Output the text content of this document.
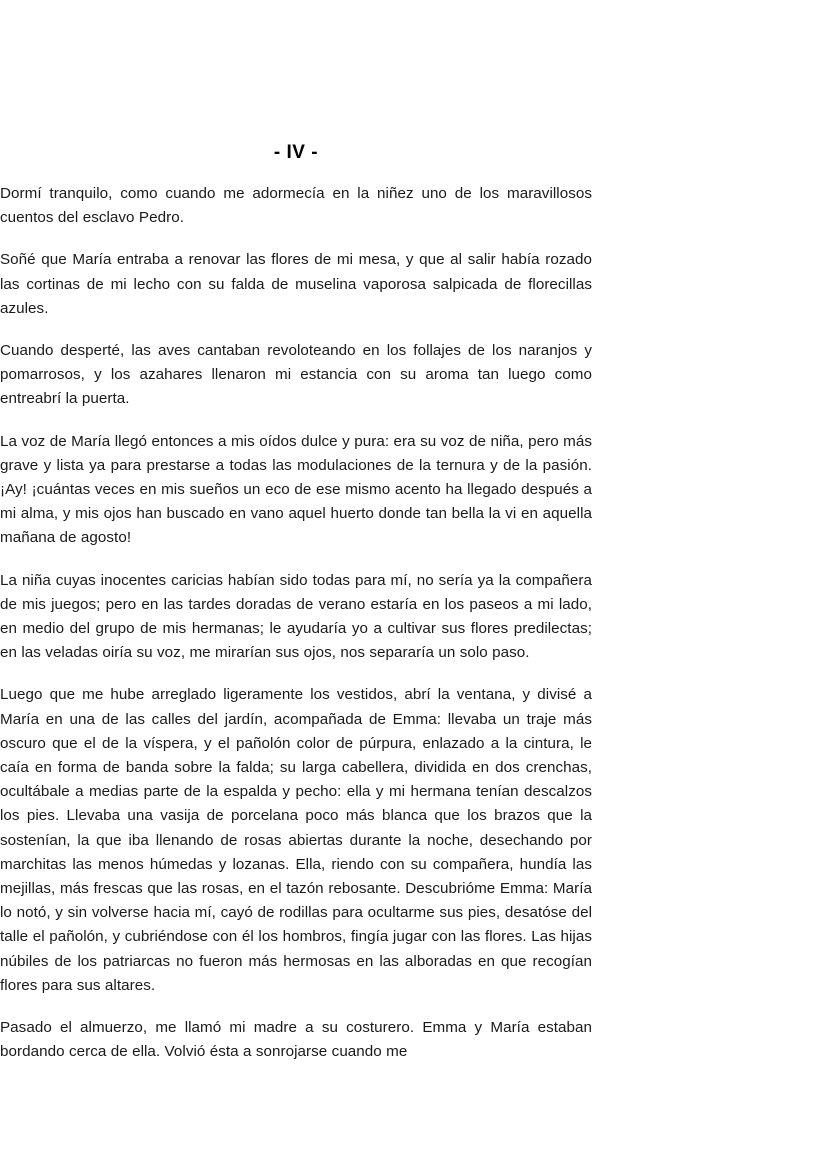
- IV -

Dormí tranquilo, como cuando me adormecía en la niñez uno de los maravillosos cuentos del esclavo Pedro.

Soñé que María entraba a renovar las flores de mi mesa, y que al salir había rozado las cortinas de mi lecho con su falda de muselina vaporosa salpicada de florecillas azules.

Cuando desperté, las aves cantaban revoloteando en los follajes de los naranjos y pomarrosos, y los azahares llenaron mi estancia con su aroma tan luego como entreabrí la puerta.

La voz de María llegó entonces a mis oídos dulce y pura: era su voz de niña, pero más grave y lista ya para prestarse a todas las modulaciones de la ternura y de la pasión. ¡Ay! ¡cuántas veces en mis sueños un eco de ese mismo acento ha llegado después a mi alma, y mis ojos han buscado en vano aquel huerto donde tan bella la vi en aquella mañana de agosto!

La niña cuyas inocentes caricias habían sido todas para mí, no sería ya la compañera de mis juegos; pero en las tardes doradas de verano estaría en los paseos a mi lado, en medio del grupo de mis hermanas; le ayudaría yo a cultivar sus flores predilectas; en las veladas oiría su voz, me mirarían sus ojos, nos separaría un solo paso.

Luego que me hube arreglado ligeramente los vestidos, abrí la ventana, y divisé a María en una de las calles del jardín, acompañada de Emma: llevaba un traje más oscuro que el de la víspera, y el pañolón color de púrpura, enlazado a la cintura, le caía en forma de banda sobre la falda; su larga cabellera, dividida en dos crenchas, ocultábale a medias parte de la espalda y pecho: ella y mi hermana tenían descalzos los pies. Llevaba una vasija de porcelana poco más blanca que los brazos que la sostenían, la que iba llenando de rosas abiertas durante la noche, desechando por marchitas las menos húmedas y lozanas. Ella, riendo con su compañera, hundía las mejillas, más frescas que las rosas, en el tazón rebosante. Descubrióme Emma: María lo notó, y sin volverse hacia mí, cayó de rodillas para ocultarme sus pies, desatóse del talle el pañolón, y cubriéndose con él los hombros, fingía jugar con las flores. Las hijas núbiles de los patriarcas no fueron más hermosas en las alboradas en que recogían flores para sus altares.

Pasado el almuerzo, me llamó mi madre a su costurero. Emma y María estaban bordando cerca de ella. Volvió ésta a sonrojarse cuando me
